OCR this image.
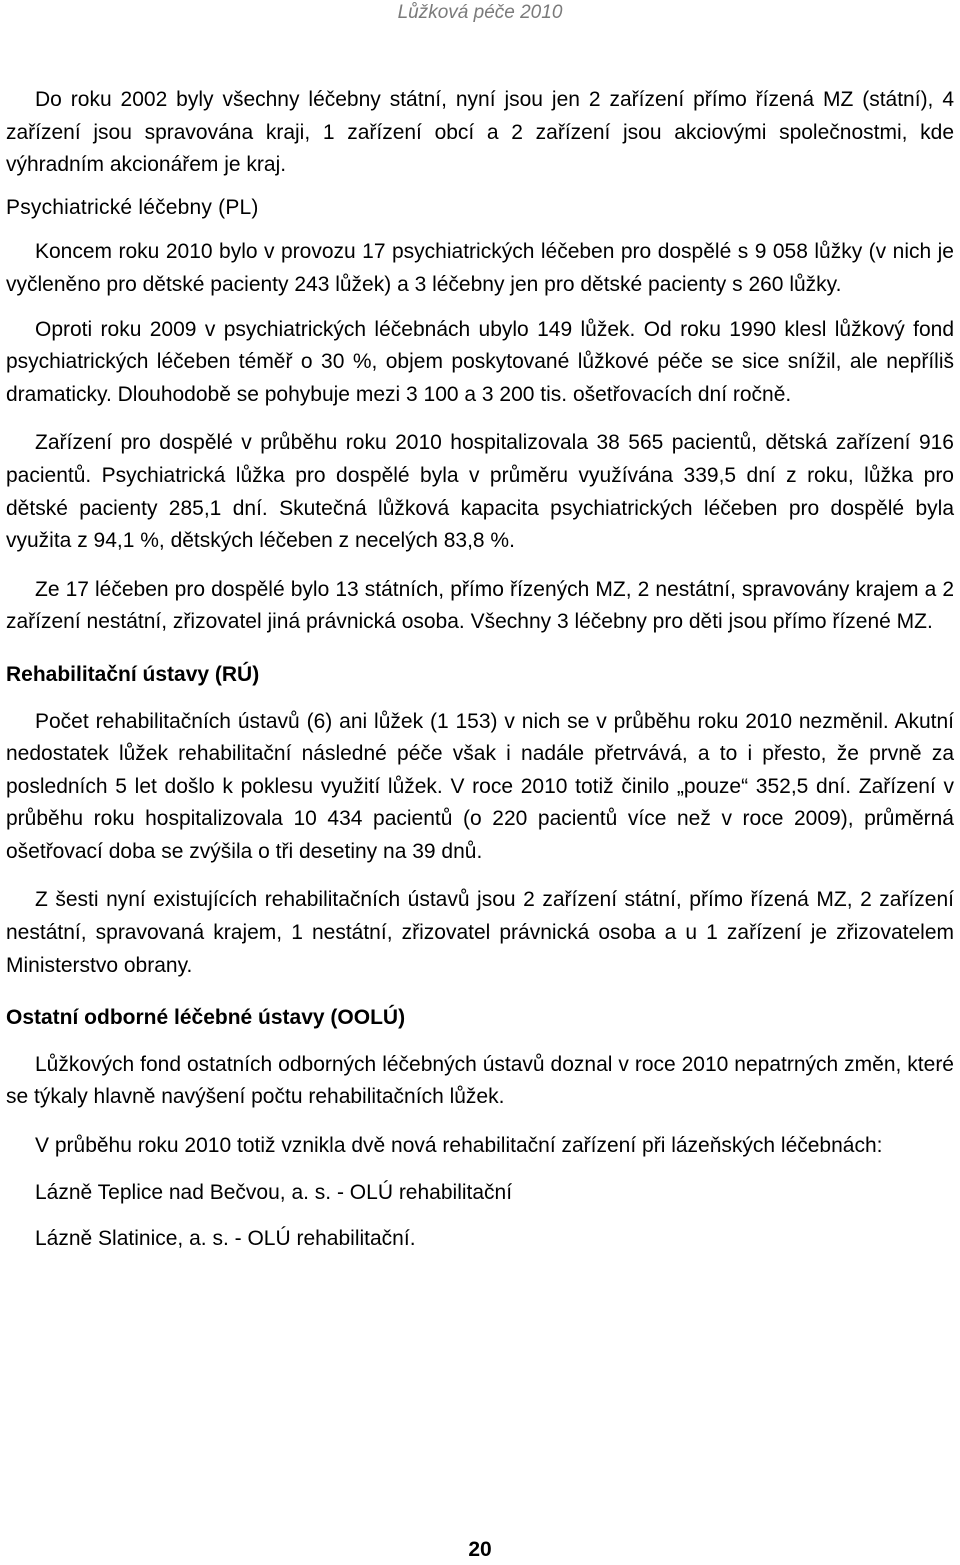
Lůžková péče 2010

Do roku 2002 byly všechny léčebny státní, nyní jsou jen 2 zařízení přímo řízená MZ (státní), 4 zařízení jsou spravována kraji, 1 zařízení obcí a 2 zařízení jsou akciovými společnostmi, kde výhradním akcionářem je kraj.

Psychiatrické léčebny (PL)

Koncem roku 2010 bylo v provozu 17 psychiatrických léčeben pro dospělé s 9 058 lůžky (v nich je vyčleněno pro dětské pacienty 243 lůžek) a 3 léčebny jen pro dětské pacienty s 260 lůžky.

Oproti roku 2009 v psychiatrických léčebnách ubylo 149 lůžek. Od roku 1990 klesl lůžkový fond psychiatrických léčeben téměř o 30 %, objem poskytované lůžkové péče se sice snížil, ale nepříliš dramaticky. Dlouhodobě se pohybuje mezi 3 100 a 3 200 tis. ošetřovacích dní ročně.

Zařízení pro dospělé v průběhu roku 2010 hospitalizovala 38 565 pacientů, dětská zařízení 916 pacientů. Psychiatrická lůžka pro dospělé byla v průměru využívána 339,5 dní z roku, lůžka pro dětské pacienty 285,1 dní. Skutečná lůžková kapacita psychiatrických léčeben pro dospělé byla využita z 94,1 %, dětských léčeben z necelých 83,8 %.

Ze 17 léčeben pro dospělé bylo 13 státních, přímo řízených MZ, 2 nestátní, spravovány krajem a 2 zařízení nestátní, zřizovatel jiná právnická osoba. Všechny 3 léčebny pro děti jsou přímo řízené MZ.

Rehabilitační ústavy (RÚ)

Počet rehabilitačních ústavů (6) ani lůžek (1 153) v nich se v průběhu roku 2010 nezměnil. Akutní nedostatek lůžek rehabilitační následné péče však i nadále přetrvává, a to i přesto, že prvně za posledních 5 let došlo k poklesu využití lůžek. V roce 2010 totiž činilo „pouze“ 352,5 dní. Zařízení v průběhu roku hospitalizovala 10 434 pacientů (o 220 pacientů více než v roce 2009), průměrná ošetřovací doba se zvýšila o tři desetiny na 39 dnů.

Z šesti nyní existujících rehabilitačních ústavů jsou 2 zařízení státní, přímo řízená MZ, 2 zařízení nestátní, spravovaná krajem, 1 nestátní, zřizovatel právnická osoba a u 1 zařízení je zřizovatelem Ministerstvo obrany.

Ostatní odborné léčebné ústavy (OOLÚ)

Lůžkových fond ostatních odborných léčebných ústavů doznal v roce 2010 nepatrných změn, které se týkaly hlavně navýšení počtu rehabilitačních lůžek.

V průběhu roku 2010 totiž vznikla dvě nová rehabilitační zařízení při lázeňských léčebnách:

Lázně Teplice nad Bečvou, a. s. - OLÚ rehabilitační

Lázně Slatinice, a. s. - OLÚ rehabilitační.

20
